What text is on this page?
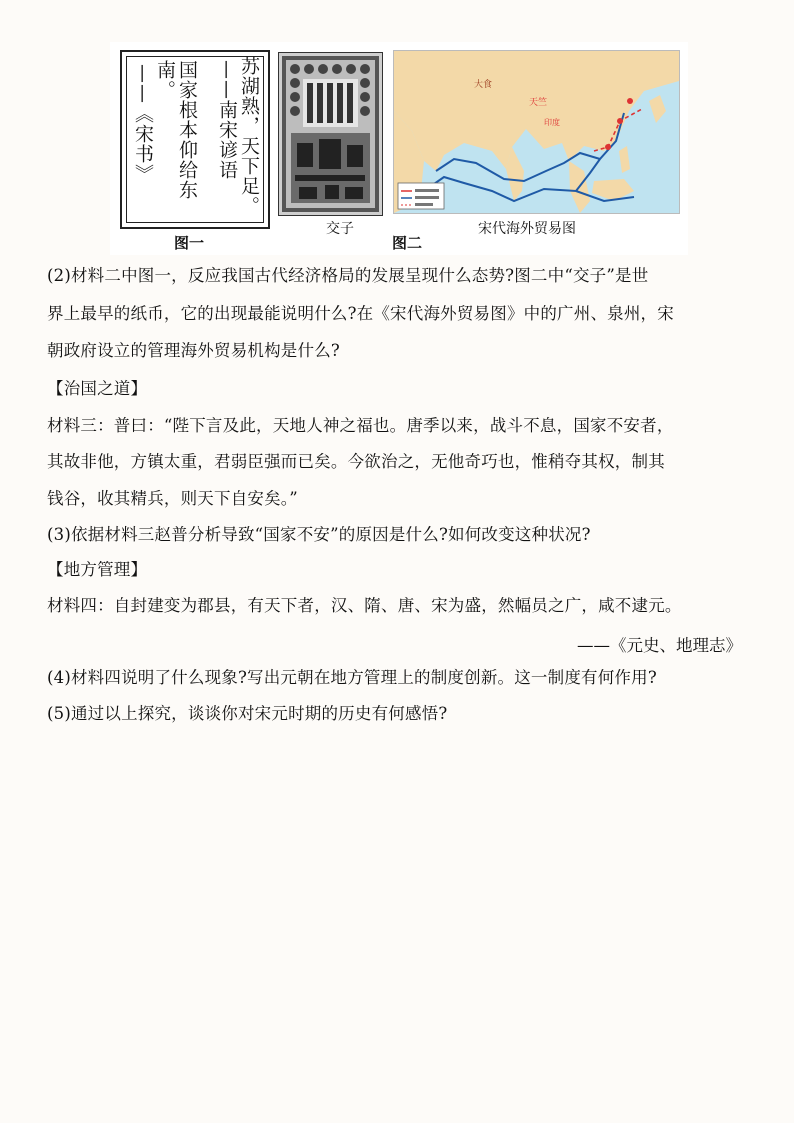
苏湖熟，天下足。
——南宋谚语
国家根本仰给东南。
——《宋书》	大食
天竺
印度
交子	宋代海外贸易图
图一	图二
(2)材料二中图一，反应我国古代经济格局的发展呈现什么态势?图二中“交子”是世
界上最早的纸币，它的出现最能说明什么?在《宋代海外贸易图》中的广州、泉州，宋
朝政府设立的管理海外贸易机构是什么?
【治国之道】
材料三：普曰：“陛下言及此，天地人神之福也。唐季以来，战斗不息，国家不安者，
其故非他，方镇太重，君弱臣强而已矣。今欲治之，无他奇巧也，惟稍夺其权，制其
钱谷，收其精兵，则天下自安矣。”
(3)依据材料三赵普分析导致“国家不安”的原因是什么?如何改变这种状况?
【地方管理】
材料四：自封建变为郡县，有天下者，汉、隋、唐、宋为盛，然幅员之广，咸不逮元。
——《元史、地理志》
(4)材料四说明了什么现象?写出元朝在地方管理上的制度创新。这一制度有何作用?
(5)通过以上探究，谈谈你对宋元时期的历史有何感悟?
